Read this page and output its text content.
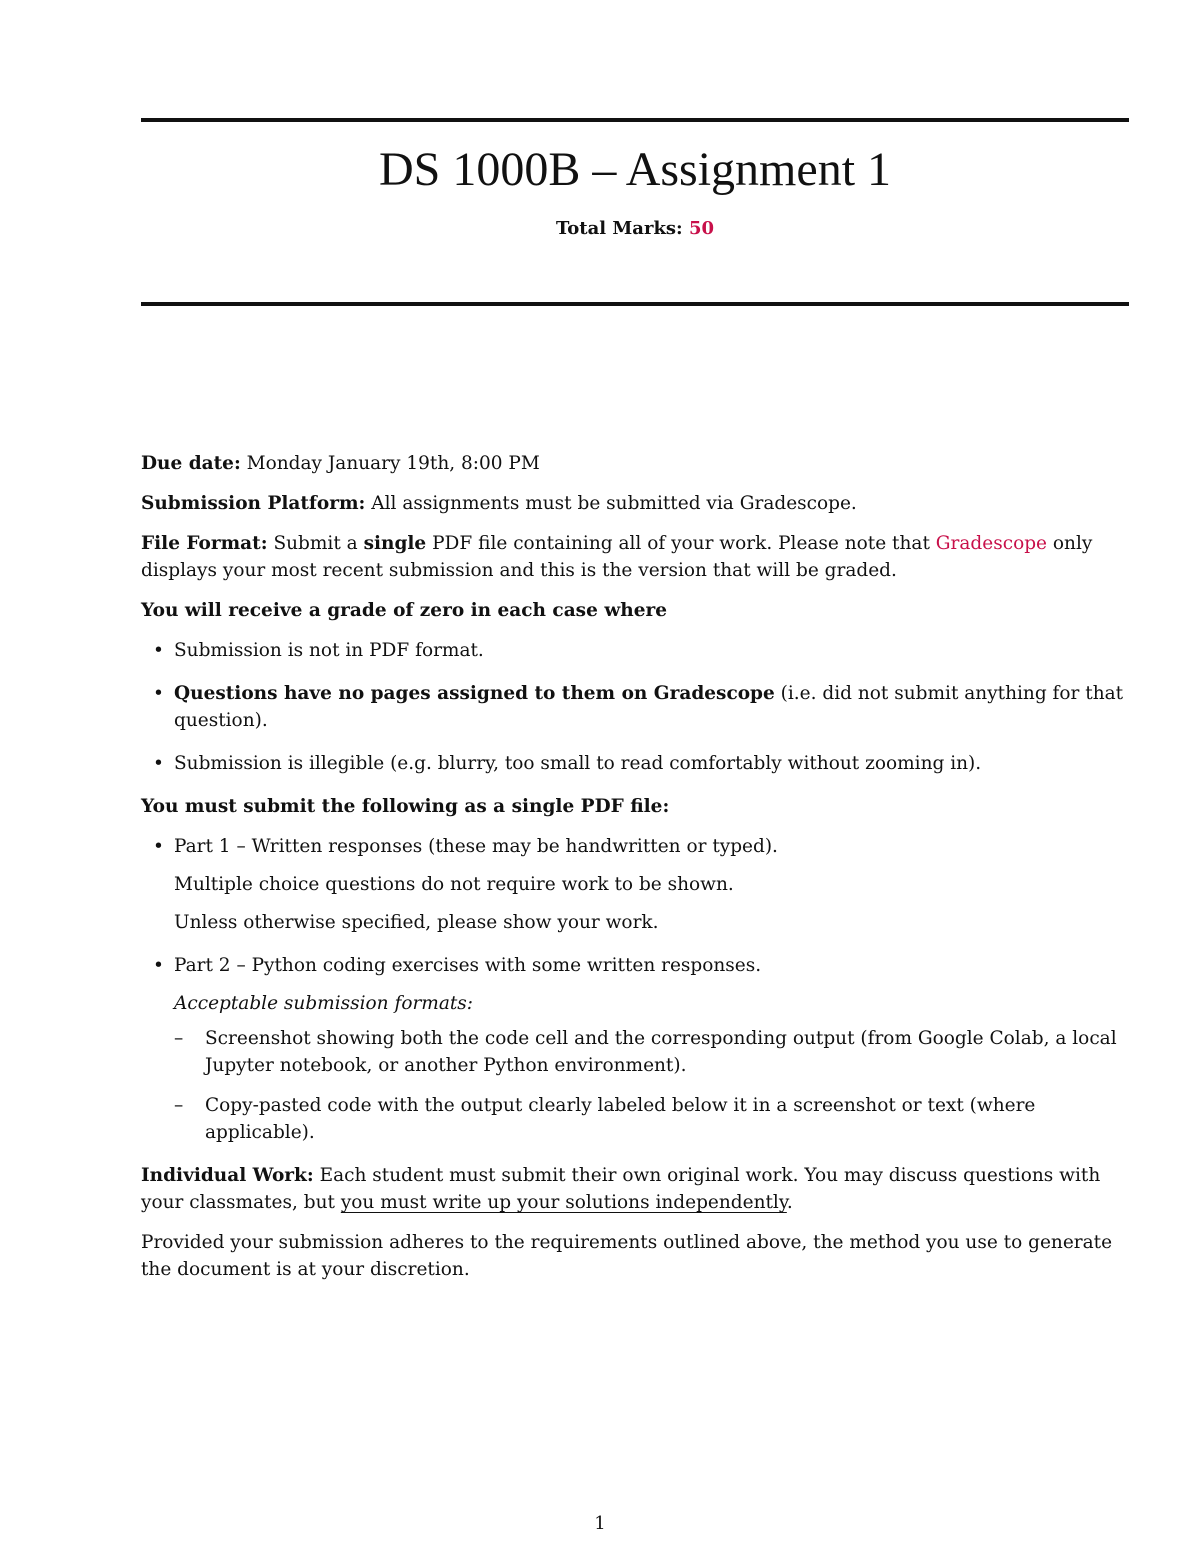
DS 1000B – Assignment 1
Total Marks: 50

Due date: Monday January 19th, 8:00 PM

Submission Platform: All assignments must be submitted via Gradescope.

File Format: Submit a single PDF file containing all of your work. Please note that Gradescope only displays your most recent submission and this is the version that will be graded.

You will receive a grade of zero in each case where

• Submission is not in PDF format.
• Questions have no pages assigned to them on Gradescope (i.e. did not submit anything for that question).
• Submission is illegible (e.g. blurry, too small to read comfortably without zooming in).

You must submit the following as a single PDF file:

• Part 1 – Written responses (these may be handwritten or typed).
Multiple choice questions do not require work to be shown.
Unless otherwise specified, please show your work.
• Part 2 – Python coding exercises with some written responses.
Acceptable submission formats:
– Screenshot showing both the code cell and the corresponding output (from Google Colab, a local Jupyter notebook, or another Python environment).
– Copy-pasted code with the output clearly labeled below it in a screenshot or text (where applicable).

Individual Work: Each student must submit their own original work. You may discuss questions with your classmates, but you must write up your solutions independently.

Provided your submission adheres to the requirements outlined above, the method you use to generate the document is at your discretion.

1
